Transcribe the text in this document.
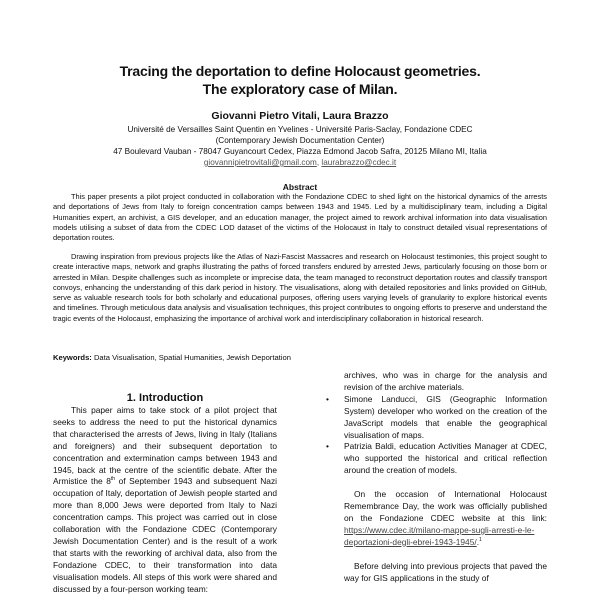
Tracing the deportation to define Holocaust geometries.
The exploratory case of Milan.
Giovanni Pietro Vitali, Laura Brazzo
Université de Versailles Saint Quentin en Yvelines - Université Paris-Saclay, Fondazione CDEC
(Contemporary Jewish Documentation Center)
47 Boulevard Vauban - 78047 Guyancourt Cedex, Piazza Edmond Jacob Safra, 20125 Milano MI, Italia
giovannipietrovitali@gmail.com, laurabrazzo@cdec.it
Abstract
This paper presents a pilot project conducted in collaboration with the Fondazione CDEC to shed light on the historical dynamics of the arrests and deportations of Jews from Italy to foreign concentration camps between 1943 and 1945. Led by a multidisciplinary team, including a Digital Humanities expert, an archivist, a GIS developer, and an education manager, the project aimed to rework archival information into data visualisation models utilising a subset of data from the CDEC LOD dataset of the victims of the Holocaust in Italy to construct detailed visual representations of deportation routes.
Drawing inspiration from previous projects like the Atlas of Nazi-Fascist Massacres and research on Holocaust testimonies, this project sought to create interactive maps, network and graphs illustrating the paths of forced transfers endured by arrested Jews, particularly focusing on those born or arrested in Milan. Despite challenges such as incomplete or imprecise data, the team managed to reconstruct deportation routes and classify transport convoys, enhancing the understanding of this dark period in history. The visualisations, along with detailed repositories and links provided on GitHub, serve as valuable research tools for both scholarly and educational purposes, offering users varying levels of granularity to explore historical events and timelines. Through meticulous data analysis and visualisation techniques, this project contributes to ongoing efforts to preserve and understand the tragic events of the Holocaust, emphasizing the importance of archival work and interdisciplinary collaboration in historical research.
Keywords: Data Visualisation, Spatial Humanities, Jewish Deportation
1. Introduction

This paper aims to take stock of a pilot project that seeks to address the need to put the historical dynamics that characterised the arrests of Jews, living in Italy (Italians and foreigners) and their subsequent deportation to concentration and extermination camps between 1943 and 1945, back at the centre of the scientific debate. After the Armistice the 8th of September 1943 and subsequent Nazi occupation of Italy, deportation of Jewish people started and more than 8,000 Jews were deported from Italy to Nazi concentration camps. This project was carried out in close collaboration with the Fondazione CDEC (Contemporary Jewish Documentation Center) and is the result of a work that starts with the reworking of archival data, also from the Fondazione CDEC, to their transformation into data visualisation models. All steps of this work were shared and discussed by a four-person working team:

archives, who was in charge for the analysis and revision of the archive materials.

• Simone Landucci, GIS (Geographic Information System) developer who worked on the creation of the JavaScript models that enable the geographical visualisation of maps.
• Patrizia Baldi, education Activities Manager at CDEC, who supported the historical and critical reflection around the creation of models.

On the occasion of International Holocaust Remembrance Day, the work was officially published on the Fondazione CDEC website at this link: https://www.cdec.it/milano-mappe-sugli-arresti-e-le-deportazioni-degli-ebrei-1943-1945/.$^1$

Before delving into previous projects that paved the way for GIS applications in the study of
